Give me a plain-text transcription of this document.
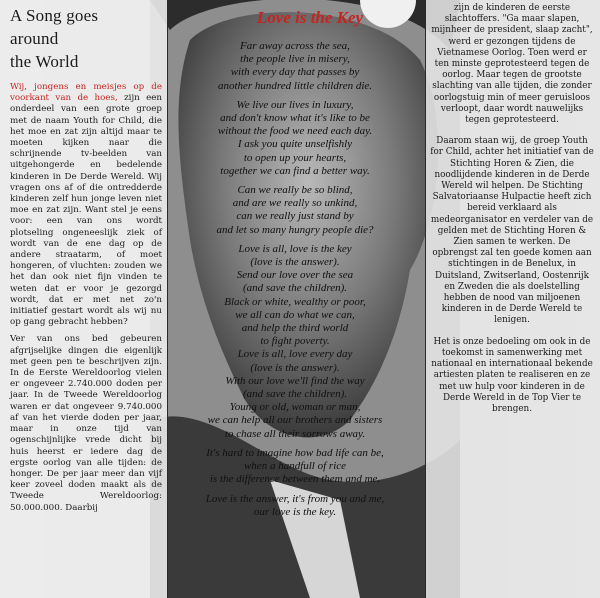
A Song goes
around
the World

Wij, jongens en meisjes op de voorkant van de hoes, zijn een onderdeel van een grote groep met de naam Youth for Child, die het moe en zat zijn altijd maar te moeten kijken naar die schrijnende tv-beelden van uitgehongerde en bedelende kinderen in De Derde Wereld. Wij vragen ons af of die ontredderde kinderen zelf hun jonge leven niet moe en zat zijn. Want stel je eens voor: een van ons wordt plotseling ongeneeslijk ziek of wordt van de ene dag op de andere straatarm, of moet hongeren, of vluchten: zouden we het dan ook niet fijn vinden te weten dat er voor je gezorgd wordt, dat er met net zo'n initiatief gestart wordt als wij nu op gang gebracht hebben?

Ver van ons bed gebeuren afgrijselijke dingen die eigenlijk met geen pen te beschrijven zijn. In de Eerste Wereldoorlog vielen er ongeveer 2.740.000 doden per jaar. In de Tweede Wereldoorlog waren er dat ongeveer 9.740.000 af van het vierde doden per jaar, maar in onze tijd van ogenschijnlijke vrede dicht bij huis heerst er iedere dag de ergste oorlog van alle tijden: de honger. De per jaar meer dan vijf keer zoveel doden maakt als de Tweede Wereldoorlog: 50.000.000. Daarbij

Love is the Key
Far away across the sea,
the people live in misery,
with every day that passes by
another hundred little children die.
We live our lives in luxury,
and don't know what it's like to be
without the food we need each day.
I ask you quite unselfishly
to open up your hearts,
together we can find a better way.
Can we really be so blind,
and are we really so unkind,
can we really just stand by
and let so many hungry people die?
Love is all, love is the key
(love is the answer).
Send our love over the sea
(and save the children).
Black or white, wealthy or poor,
we all can do what we can,
and help the third world
to fight poverty.
Love is all, love every day
(love is the answer).
With our love we'll find the way
(and save the children).
Young or old, woman or man,
we can help all our brothers and sisters
to chase all their sorrows away.
It's hard to imagine how bad life can be,
when a handfull of rice
is the difference between them and me.
Love is the answer, it's from you and me,
our love is the key.

zijn de kinderen de eerste slachtoffers. "Ga maar slapen, mijnheer de president, slaap zacht", werd er gezongen tijdens de Vietnamese Oorlog. Toen werd er ten minste geprotesteerd tegen de oorlog. Maar tegen de grootste slachting van alle tijden, die zonder oorlogstuig min of meer geruisloos verloopt, daar wordt nauwelijks tegen geprotesteerd.

Daarom staan wij, de groep Youth for Child, achter het initiatief van de Stichting Horen & Zien, die noodlijdende kinderen in de Derde Wereld wil helpen. De Stichting Salvatoriaanse Hulpactie heeft zich bereid verklaard als medeorganisator en verdeler van de gelden met de Stichting Horen & Zien samen te werken. De opbrengst zal ten goede komen aan stichtingen in de Benelux, in Duitsland, Zwitserland, Oostenrijk en Zweden die als doelstelling hebben de nood van miljoenen kinderen in de Derde Wereld te lenigen.

Het is onze bedoeling om ook in de toekomst in samenwerking met nationaal en internationaal bekende artiesten platen te realiseren en ze met uw hulp voor kinderen in de Derde Wereld in de Top Vier te brengen.
